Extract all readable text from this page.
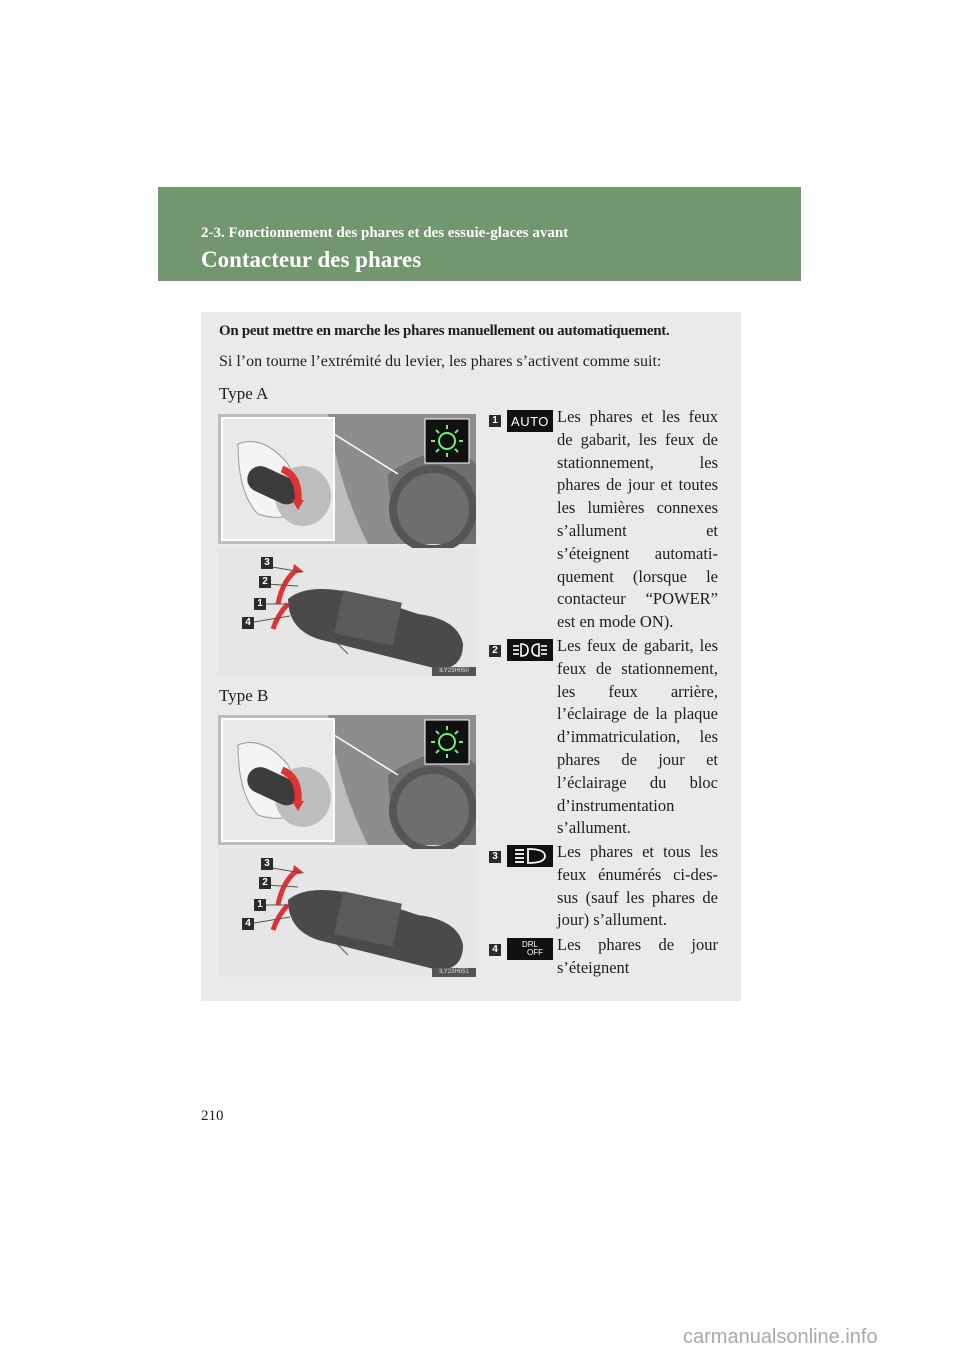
2-3. Fonctionnement des phares et des essuie-glaces avant
Contacteur des phares
On peut mettre en marche les phares manuellement ou automatiquement.
Si l’on tourne l’extrémité du levier, les phares s’activent comme suit:
Type A
3
2
1
4
ILY23H050
Type B
3
2
1
4
ILY23H051
1 AUTO Les phares et les feux de gabarit, les feux de stationnement, les phares de jour et toutes les lumières connexes s’allument et s’éteignent automatiquement (lorsque le contacteur “POWER” est en mode ON).
2	Les feux de gabarit, les feux de stationnement, les feux arrière, l’éclairage de la plaque d’immatriculation, les phares de jour et l’éclairage du bloc d’instrumentation s’allument.
3	Les phares et tous les feux énumérés ci-dessus (sauf les phares de jour) s’allument.
4	DRL
OFF Les phares de jour s’éteignent
210
carmanualsonline.info
